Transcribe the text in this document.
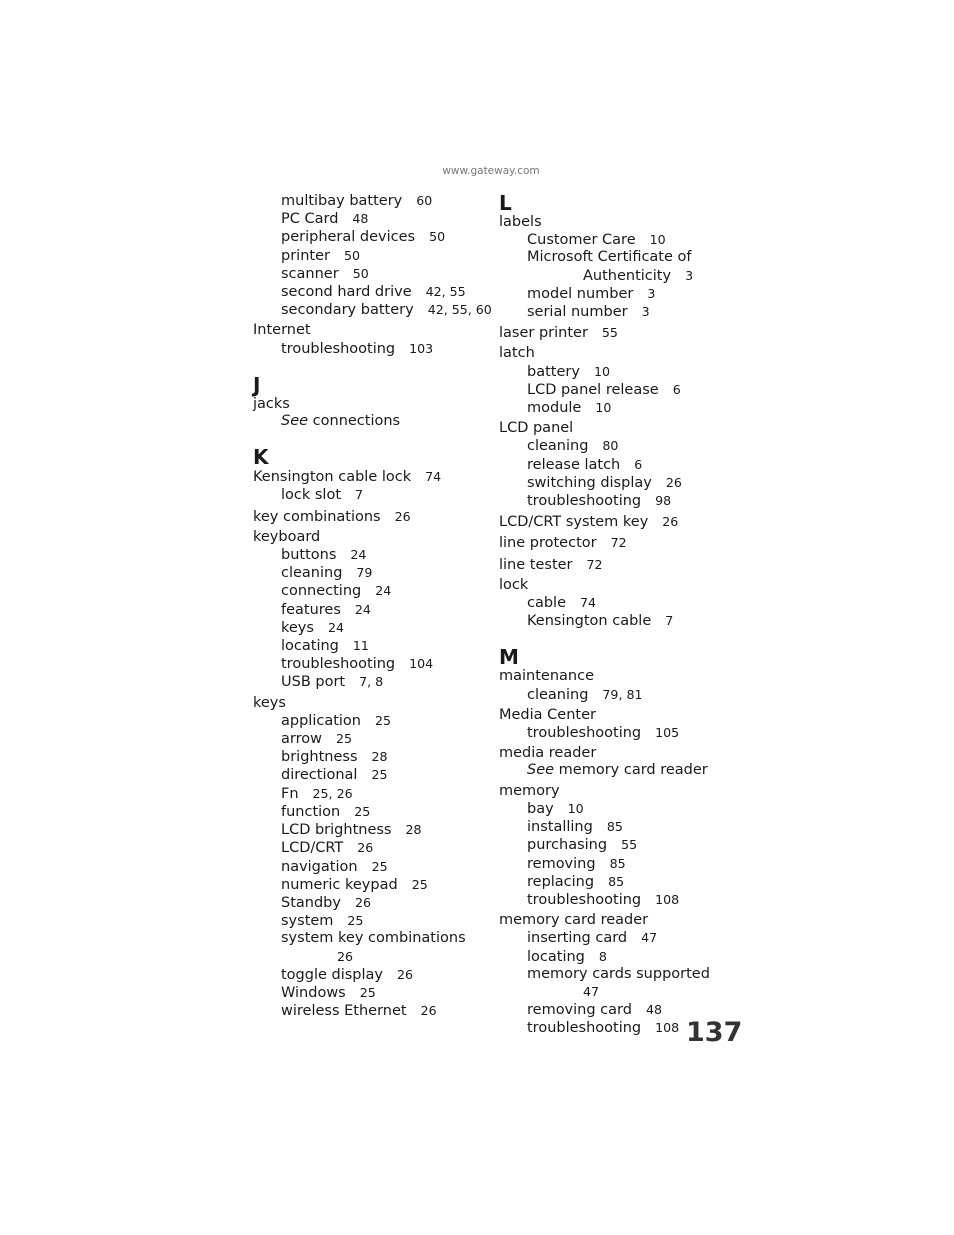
www.gateway.com
multibay battery 60
PC Card 48
peripheral devices 50
printer 50
scanner 50
second hard drive 42, 55
secondary battery 42, 55, 60
Internet
troubleshooting 103
J
jacks
See connections
K
Kensington cable lock 74
lock slot 7
key combinations 26
keyboard
buttons 24
cleaning 79
connecting 24
features 24
keys 24
locating 11
troubleshooting 104
USB port 7, 8
keys
application 25
arrow 25
brightness 28
directional 25
Fn 25, 26
function 25
LCD brightness 28
LCD/CRT 26
navigation 25
numeric keypad 25
Standby 26
system 25
system key combinations
26
toggle display 26
Windows 25
wireless Ethernet 26
L
labels
Customer Care 10
Microsoft Certificate of
Authenticity 3
model number 3
serial number 3
laser printer 55
latch
battery 10
LCD panel release 6
module 10
LCD panel
cleaning 80
release latch 6
switching display 26
troubleshooting 98
LCD/CRT system key 26
line protector 72
line tester 72
lock
cable 74
Kensington cable 7
M
maintenance
cleaning 79, 81
Media Center
troubleshooting 105
media reader
See memory card reader
memory
bay 10
installing 85
purchasing 55
removing 85
replacing 85
troubleshooting 108
memory card reader
inserting card 47
locating 8
memory cards supported
47
removing card 48
troubleshooting 108 137
